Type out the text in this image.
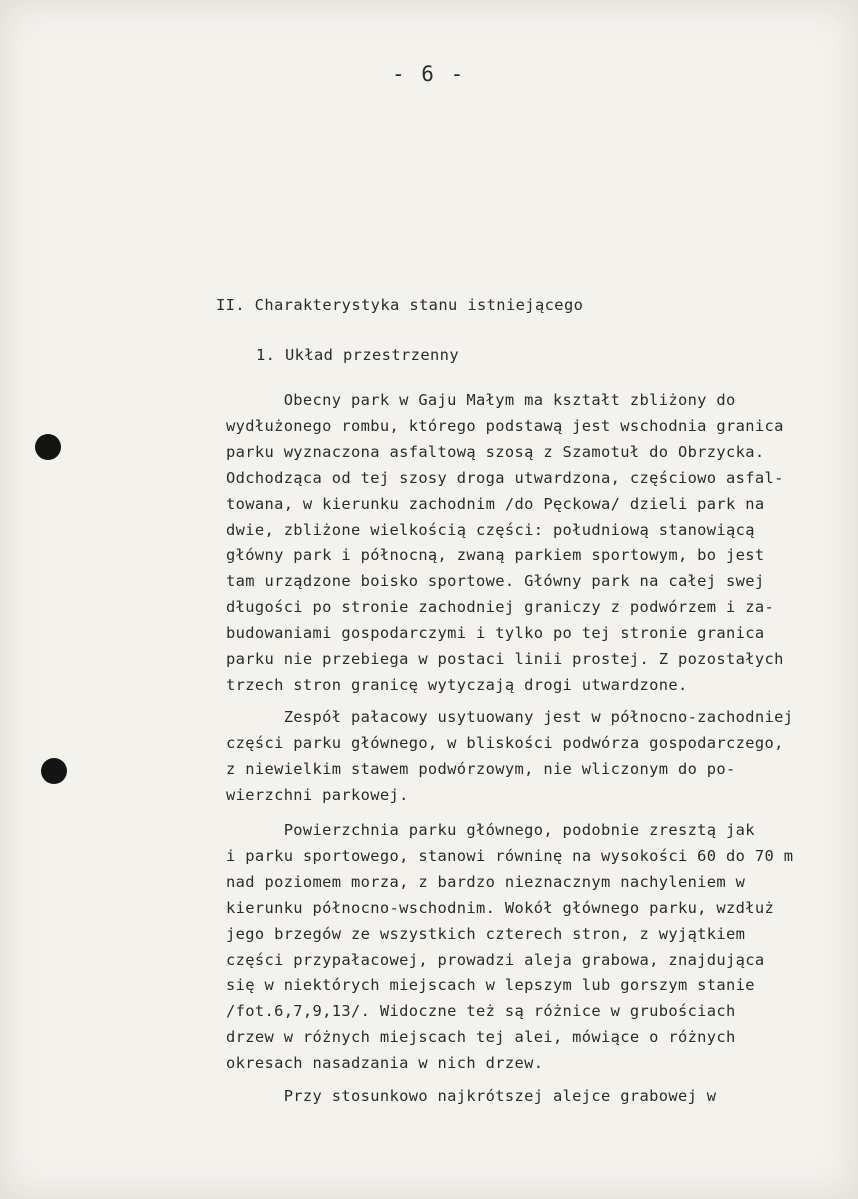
- 6 -
II. Charakterystyka stanu istniejącego
1. Układ przestrzenny
Obecny park w Gaju Małym ma kształt zbliżony do
wydłużonego rombu, którego podstawą jest wschodnia granica
parku wyznaczona asfaltową szosą z Szamotuł do Obrzycka.
Odchodząca od tej szosy droga utwardzona, częściowo asfal-
towana, w kierunku zachodnim /do Pęckowa/ dzieli park na
dwie, zbliżone wielkością części: południową stanowiącą
główny park i północną, zwaną parkiem sportowym, bo jest
tam urządzone boisko sportowe. Główny park na całej swej
długości po stronie zachodniej graniczy z podwórzem i za-
budowaniami gospodarczymi i tylko po tej stronie granica
parku nie przebiega w postaci linii prostej. Z pozostałych
trzech stron granicę wytyczają drogi utwardzone.
Zespół pałacowy usytuowany jest w północno-zachodniej
części parku głównego, w bliskości podwórza gospodarczego,
z niewielkim stawem podwórzowym, nie wliczonym do po-
wierzchni parkowej.
Powierzchnia parku głównego, podobnie zresztą jak
i parku sportowego, stanowi równinę na wysokości 60 do 70 m
nad poziomem morza, z bardzo nieznacznym nachyleniem w
kierunku północno-wschodnim. Wokół głównego parku, wzdłuż
jego brzegów ze wszystkich czterech stron, z wyjątkiem
części przypałacowej, prowadzi aleja grabowa, znajdująca
się w niektórych miejscach w lepszym lub gorszym stanie
/fot.6,7,9,13/. Widoczne też są różnice w grubościach
drzew w różnych miejscach tej alei, mówiące o różnych
okresach nasadzania w nich drzew.
Przy stosunkowo najkrótszej alejce grabowej w
